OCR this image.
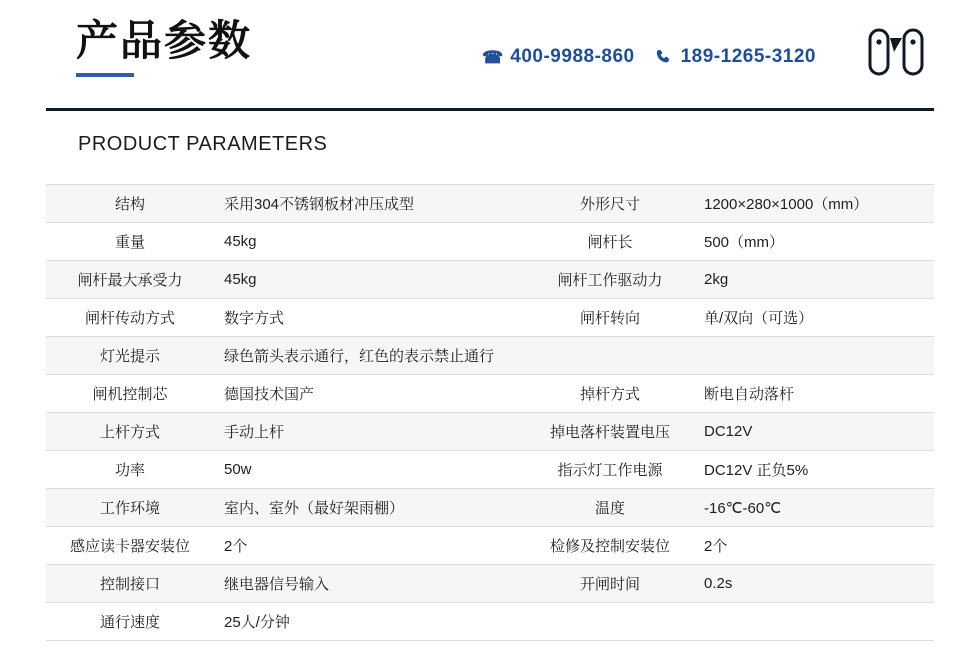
产品参数	☎ 400-9988-860 189-1265-3120
PRODUCT PARAMETERS
结构	采用304不锈钢板材冲压成型	外形尺寸	1200×280×1000（mm）
重量	45kg	闸杆长	500（mm）
闸杆最大承受力	45kg	闸杆工作驱动力	2kg
闸杆传动方式	数字方式	闸杆转向	单/双向（可选）
灯光提示	绿色箭头表示通行，红色的表示禁止通行		
闸机控制芯	德国技术国产	掉杆方式	断电自动落杆
上杆方式	手动上杆	掉电落杆装置电压	DC12V
功率	50w	指示灯工作电源	DC12V 正负5%
工作环境	室内、室外（最好架雨棚）	温度	-16℃-60℃
感应读卡器安装位	2个	检修及控制安装位	2个
控制接口	继电器信号输入	开闸时间	0.2s
通行速度	25人/分钟		
